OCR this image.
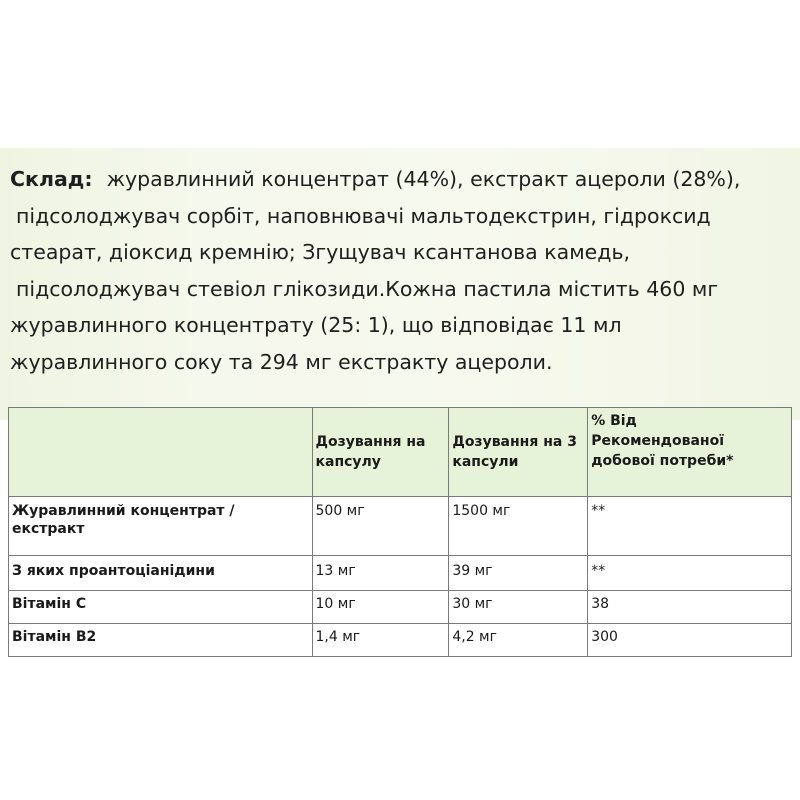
Склад: журавлинний концентрат (44%), екстракт ацероли (28%),
підсолоджувач сорбіт, наповнювачі мальтодекстрин, гідроксид
стеарат, діоксид кремнію; Згущувач ксантанова камедь,
підсолоджувач стевіол глікозиди.Кожна пастила містить 460 мг
журавлинного концентрату (25: 1), що відповідає 11 мл
журавлинного соку та 294 мг екстракту ацероли.
	Дозування на капсулу	Дозування на 3 капсули	% Від
Рекомендованої добової потреби*
Журавлинний концентрат / екстракт	500 мг	1500 мг	**
З яких проантоціанідини	13 мг	39 мг	**
Вітамін С	10 мг	30 мг	38
Вітамін В2	1,4 мг	4,2 мг	300
